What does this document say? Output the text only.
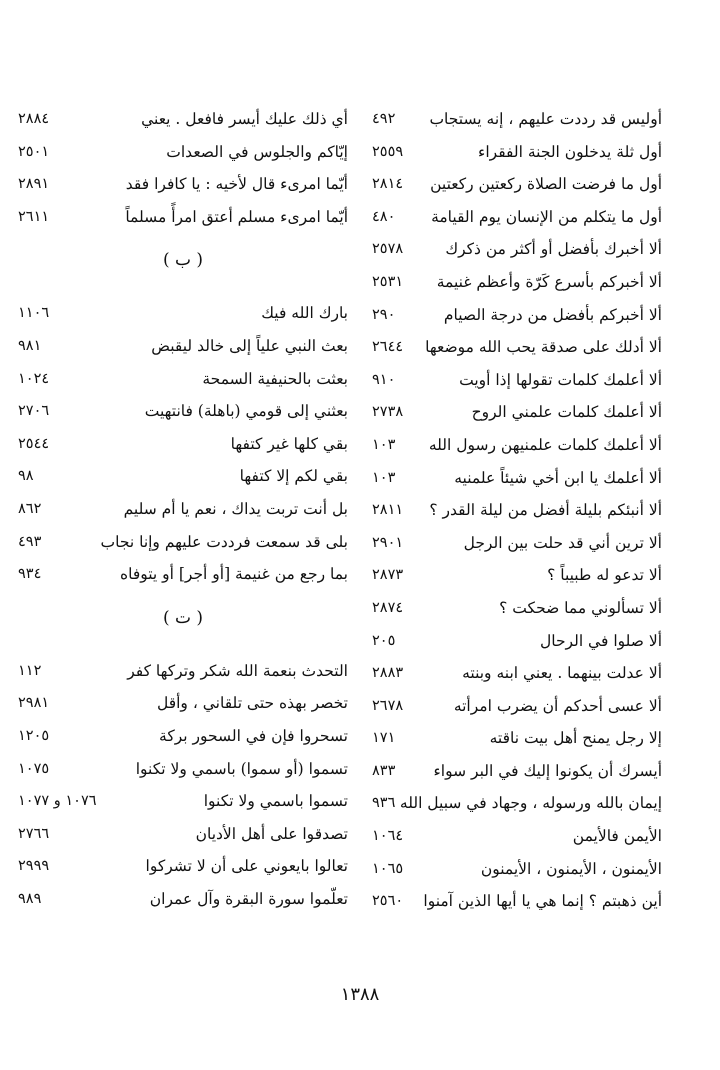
أوليس قد رددت عليهم ، إنه يستجاب
٤٩٢
أول ثلة يدخلون الجنة الفقراء
٢٥٥٩
أول ما فرضت الصلاة ركعتين ركعتين
٢٨١٤
أول ما يتكلم من الإنسان يوم القيامة
٤٨٠
ألا أخبرك بأفضل أو أكثر من ذكرك
٢٥٧٨
ألا أخبركم بأسرع كَرّة وأعظم غنيمة
٢٥٣١
ألا أخبركم بأفضل من درجة الصيام
٢٩٠
ألا أدلك على صدقة يحب الله موضعها
٢٦٤٤
ألا أعلمك كلمات تقولها إذا أويت
٩١٠
ألا أعلمك كلمات علمني الروح
٢٧٣٨
ألا أعلمك كلمات علمنيهن رسول الله
١٠٣
ألا أعلمك يا ابن أخي شيئاً علمنيه
١٠٣
ألا أنبئكم بليلة أفضل من ليلة القدر ؟
٢٨١١
ألا ترين أني قد حلت بين الرجل
٢٩٠١
ألا تدعو له طبيباً ؟
٢٨٧٣
ألا تسألوني مما ضحكت ؟
٢٨٧٤
ألا صلوا في الرحال
٢٠٥
ألا عدلت بينهما . يعني ابنه وبنته
٢٨٨٣
ألا عسى أحدكم أن يضرب امرأته
٢٦٧٨
إلا رجل يمنح أهل بيت ناقته
١٧١
أيسرك أن يكونوا إليك في البر سواء
٨٣٣
إيمان بالله ورسوله ، وجهاد في سبيل الله
٩٣٦
الأيمن فالأيمن
١٠٦٤
الأيمنون ، الأيمنون ، الأيمنون
١٠٦٥
أين ذهبتم ؟ إنما هي يا أيها الذين آمنوا
٢٥٦٠
أي ذلك عليك أيسر فافعل . يعني
٢٨٨٤
إيّاكم والجلوس في الصعدات
٢٥٠١
أيّما امرىء قال لأخيه : يا كافرا فقد
٢٨٩١
أيّما امرىء مسلم أعتق امرأً مسلماً
٢٦١١
( ب )
بارك الله فيك
١١٠٦
بعث النبي علياً إلى خالد ليقبض
٩٨١
بعثت بالحنيفية السمحة
١٠٢٤
بعثني إلى قومي (باهلة) فانتهيت
٢٧٠٦
بقي كلها غير كتفها
٢٥٤٤
بقي لكم إلا كتفها
٩٨
بل أنت تربت يداك ، نعم يا أم سليم
٨٦٢
بلى قد سمعت فرددت عليهم وإنا نجاب
٤٩٣
بما رجع من غنيمة [أو أجر] أو يتوفاه
٩٣٤
( ت )
التحدث بنعمة الله شكر وتركها كفر
١١٢
تخصر بهذه حتى تلقاني ، وأقل
٢٩٨١
تسحروا فإن في السحور بركة
١٢٠٥
تسموا (أو سموا) باسمي ولا تكنوا
١٠٧٥
تسموا باسمي ولا تكنوا
١٠٧٦ و ١٠٧٧
تصدقوا على أهل الأديان
٢٧٦٦
تعالوا بايعوني على أن لا تشركوا
٢٩٩٩
تعلّموا سورة البقرة وآل عمران
٩٨٩
١٣٨٨
